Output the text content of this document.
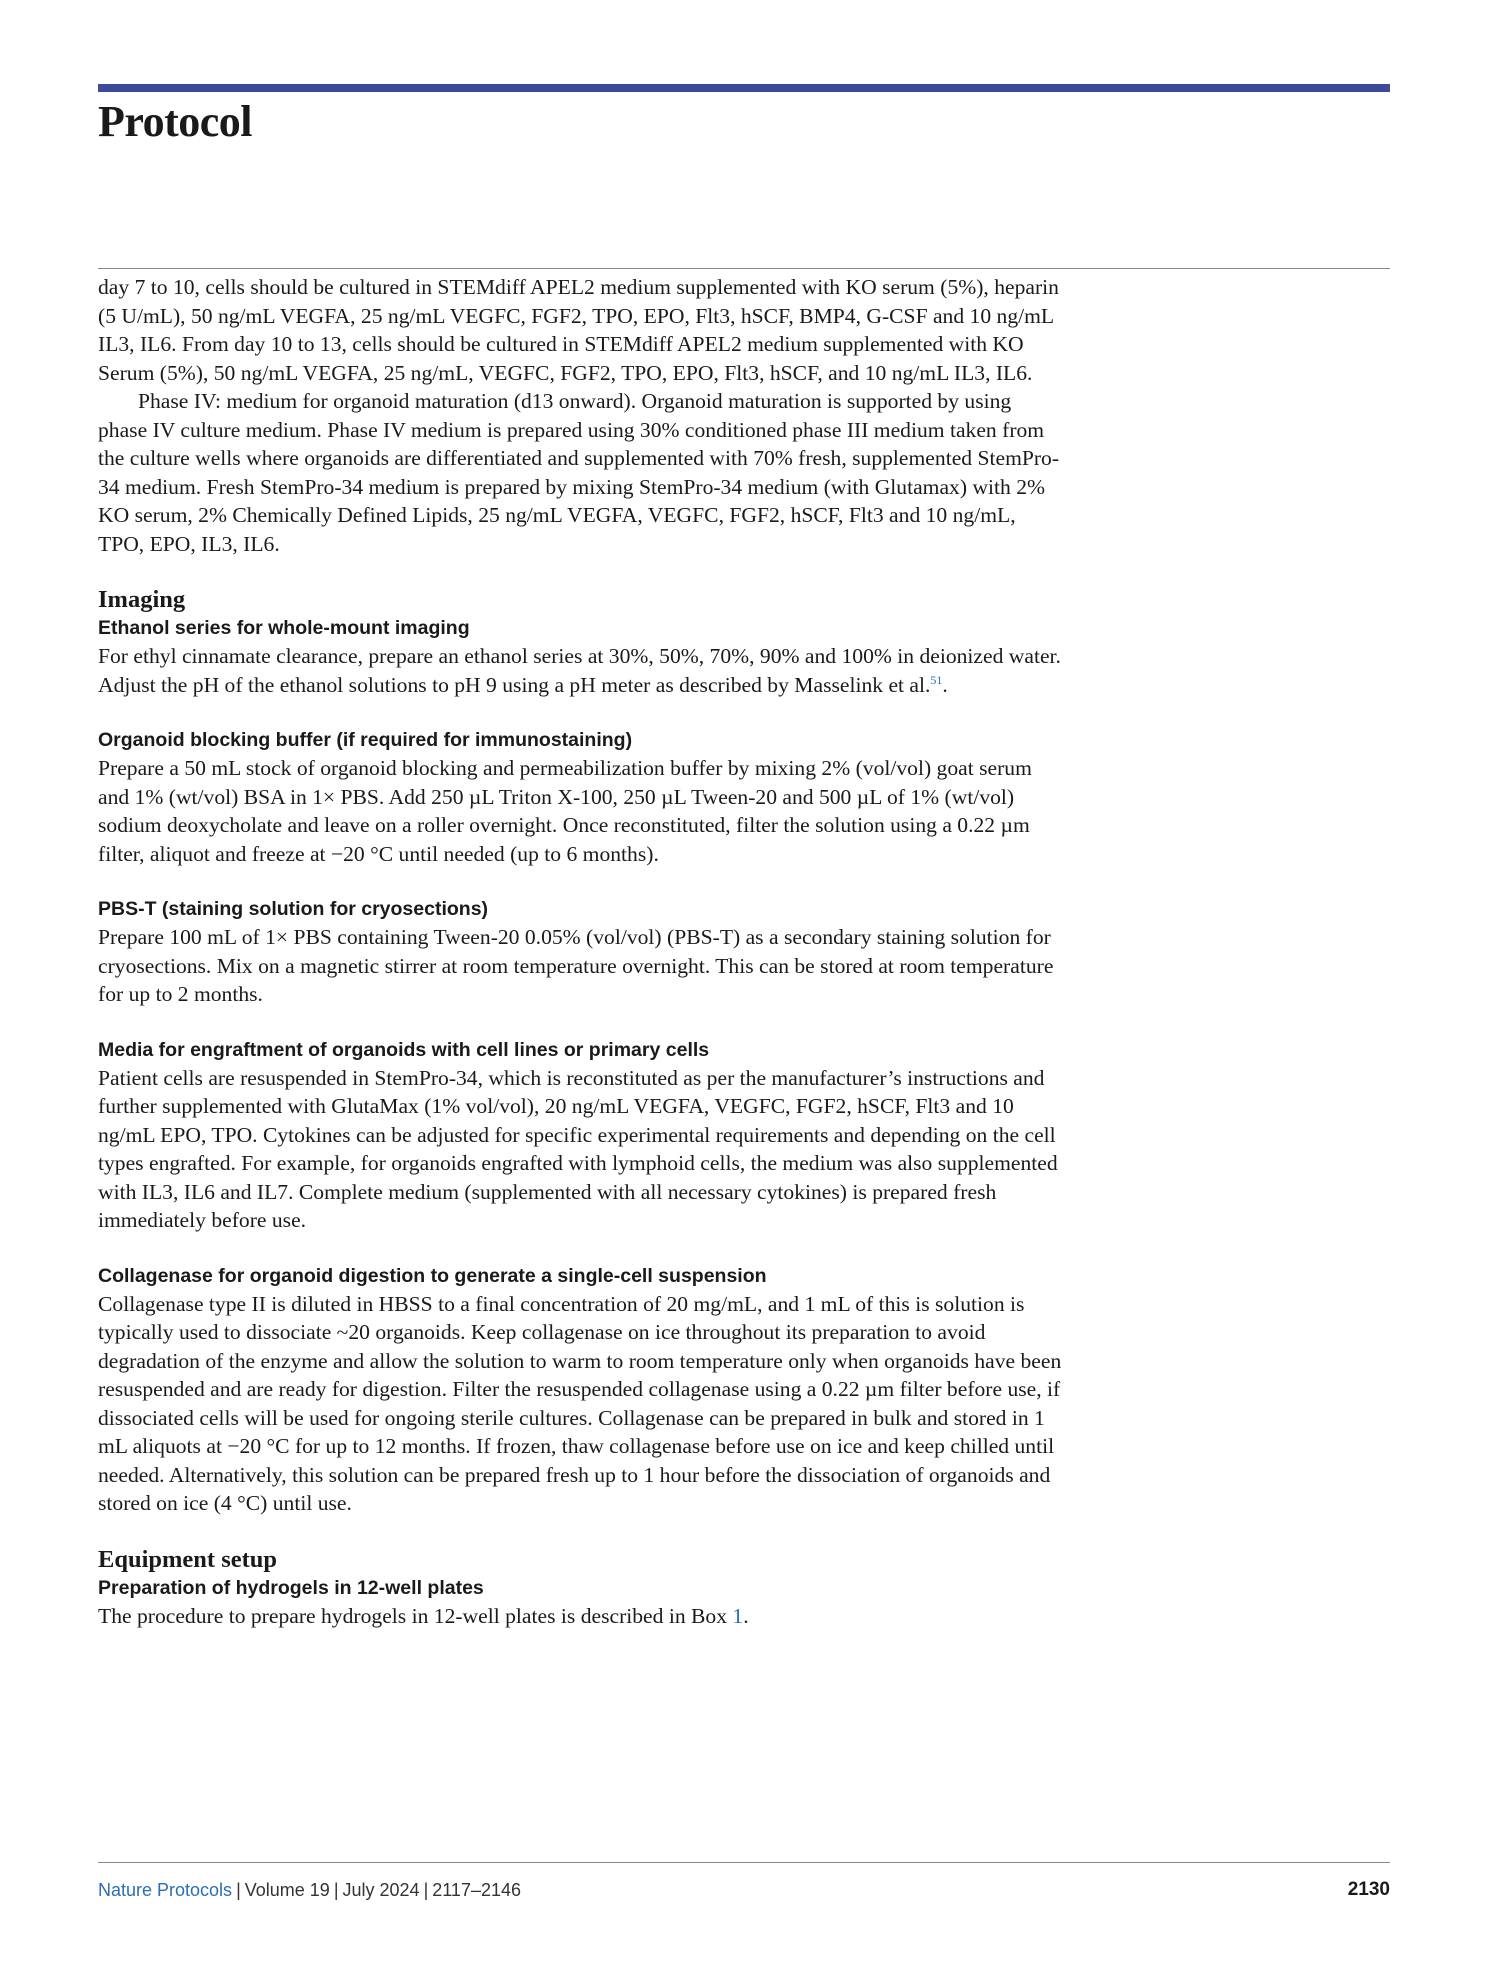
Protocol

day 7 to 10, cells should be cultured in STEMdiff APEL2 medium supplemented with KO serum (5%), heparin (5 U/mL), 50 ng/mL VEGFA, 25 ng/mL VEGFC, FGF2, TPO, EPO, Flt3, hSCF, BMP4, G-CSF and 10 ng/mL IL3, IL6. From day 10 to 13, cells should be cultured in STEMdiff APEL2 medium supplemented with KO Serum (5%), 50 ng/mL VEGFA, 25 ng/mL, VEGFC, FGF2, TPO, EPO, Flt3, hSCF, and 10 ng/mL IL3, IL6.

Phase IV: medium for organoid maturation (d13 onward). Organoid maturation is supported by using phase IV culture medium. Phase IV medium is prepared using 30% conditioned phase III medium taken from the culture wells where organoids are differentiated and supplemented with 70% fresh, supplemented StemPro-34 medium. Fresh StemPro-34 medium is prepared by mixing StemPro-34 medium (with Glutamax) with 2% KO serum, 2% Chemically Defined Lipids, 25 ng/mL VEGFA, VEGFC, FGF2, hSCF, Flt3 and 10 ng/mL, TPO, EPO, IL3, IL6.

Imaging
Ethanol series for whole-mount imaging

For ethyl cinnamate clearance, prepare an ethanol series at 30%, 50%, 70%, 90% and 100% in deionized water. Adjust the pH of the ethanol solutions to pH 9 using a pH meter as described by Masselink et al.$^{51}$.

Organoid blocking buffer (if required for immunostaining)

Prepare a 50 mL stock of organoid blocking and permeabilization buffer by mixing 2% (vol/vol) goat serum and 1% (wt/vol) BSA in 1× PBS. Add 250 µL Triton X-100, 250 µL Tween-20 and 500 µL of 1% (wt/vol) sodium deoxycholate and leave on a roller overnight. Once reconstituted, filter the solution using a 0.22 µm filter, aliquot and freeze at −20 °C until needed (up to 6 months).

PBS-T (staining solution for cryosections)

Prepare 100 mL of 1× PBS containing Tween-20 0.05% (vol/vol) (PBS-T) as a secondary staining solution for cryosections. Mix on a magnetic stirrer at room temperature overnight. This can be stored at room temperature for up to 2 months.

Media for engraftment of organoids with cell lines or primary cells

Patient cells are resuspended in StemPro-34, which is reconstituted as per the manufacturer’s instructions and further supplemented with GlutaMax (1% vol/vol), 20 ng/mL VEGFA, VEGFC, FGF2, hSCF, Flt3 and 10 ng/mL EPO, TPO. Cytokines can be adjusted for specific experimental requirements and depending on the cell types engrafted. For example, for organoids engrafted with lymphoid cells, the medium was also supplemented with IL3, IL6 and IL7. Complete medium (supplemented with all necessary cytokines) is prepared fresh immediately before use.

Collagenase for organoid digestion to generate a single-cell suspension

Collagenase type II is diluted in HBSS to a final concentration of 20 mg/mL, and 1 mL of this is solution is typically used to dissociate ~20 organoids. Keep collagenase on ice throughout its preparation to avoid degradation of the enzyme and allow the solution to warm to room temperature only when organoids have been resuspended and are ready for digestion. Filter the resuspended collagenase using a 0.22 µm filter before use, if dissociated cells will be used for ongoing sterile cultures. Collagenase can be prepared in bulk and stored in 1 mL aliquots at −20 °C for up to 12 months. If frozen, thaw collagenase before use on ice and keep chilled until needed. Alternatively, this solution can be prepared fresh up to 1 hour before the dissociation of organoids and stored on ice (4 °C) until use.

Equipment setup
Preparation of hydrogels in 12-well plates

The procedure to prepare hydrogels in 12-well plates is described in Box 1.

Nature Protocols | Volume 19 | July 2024 | 2117–2146	2130
